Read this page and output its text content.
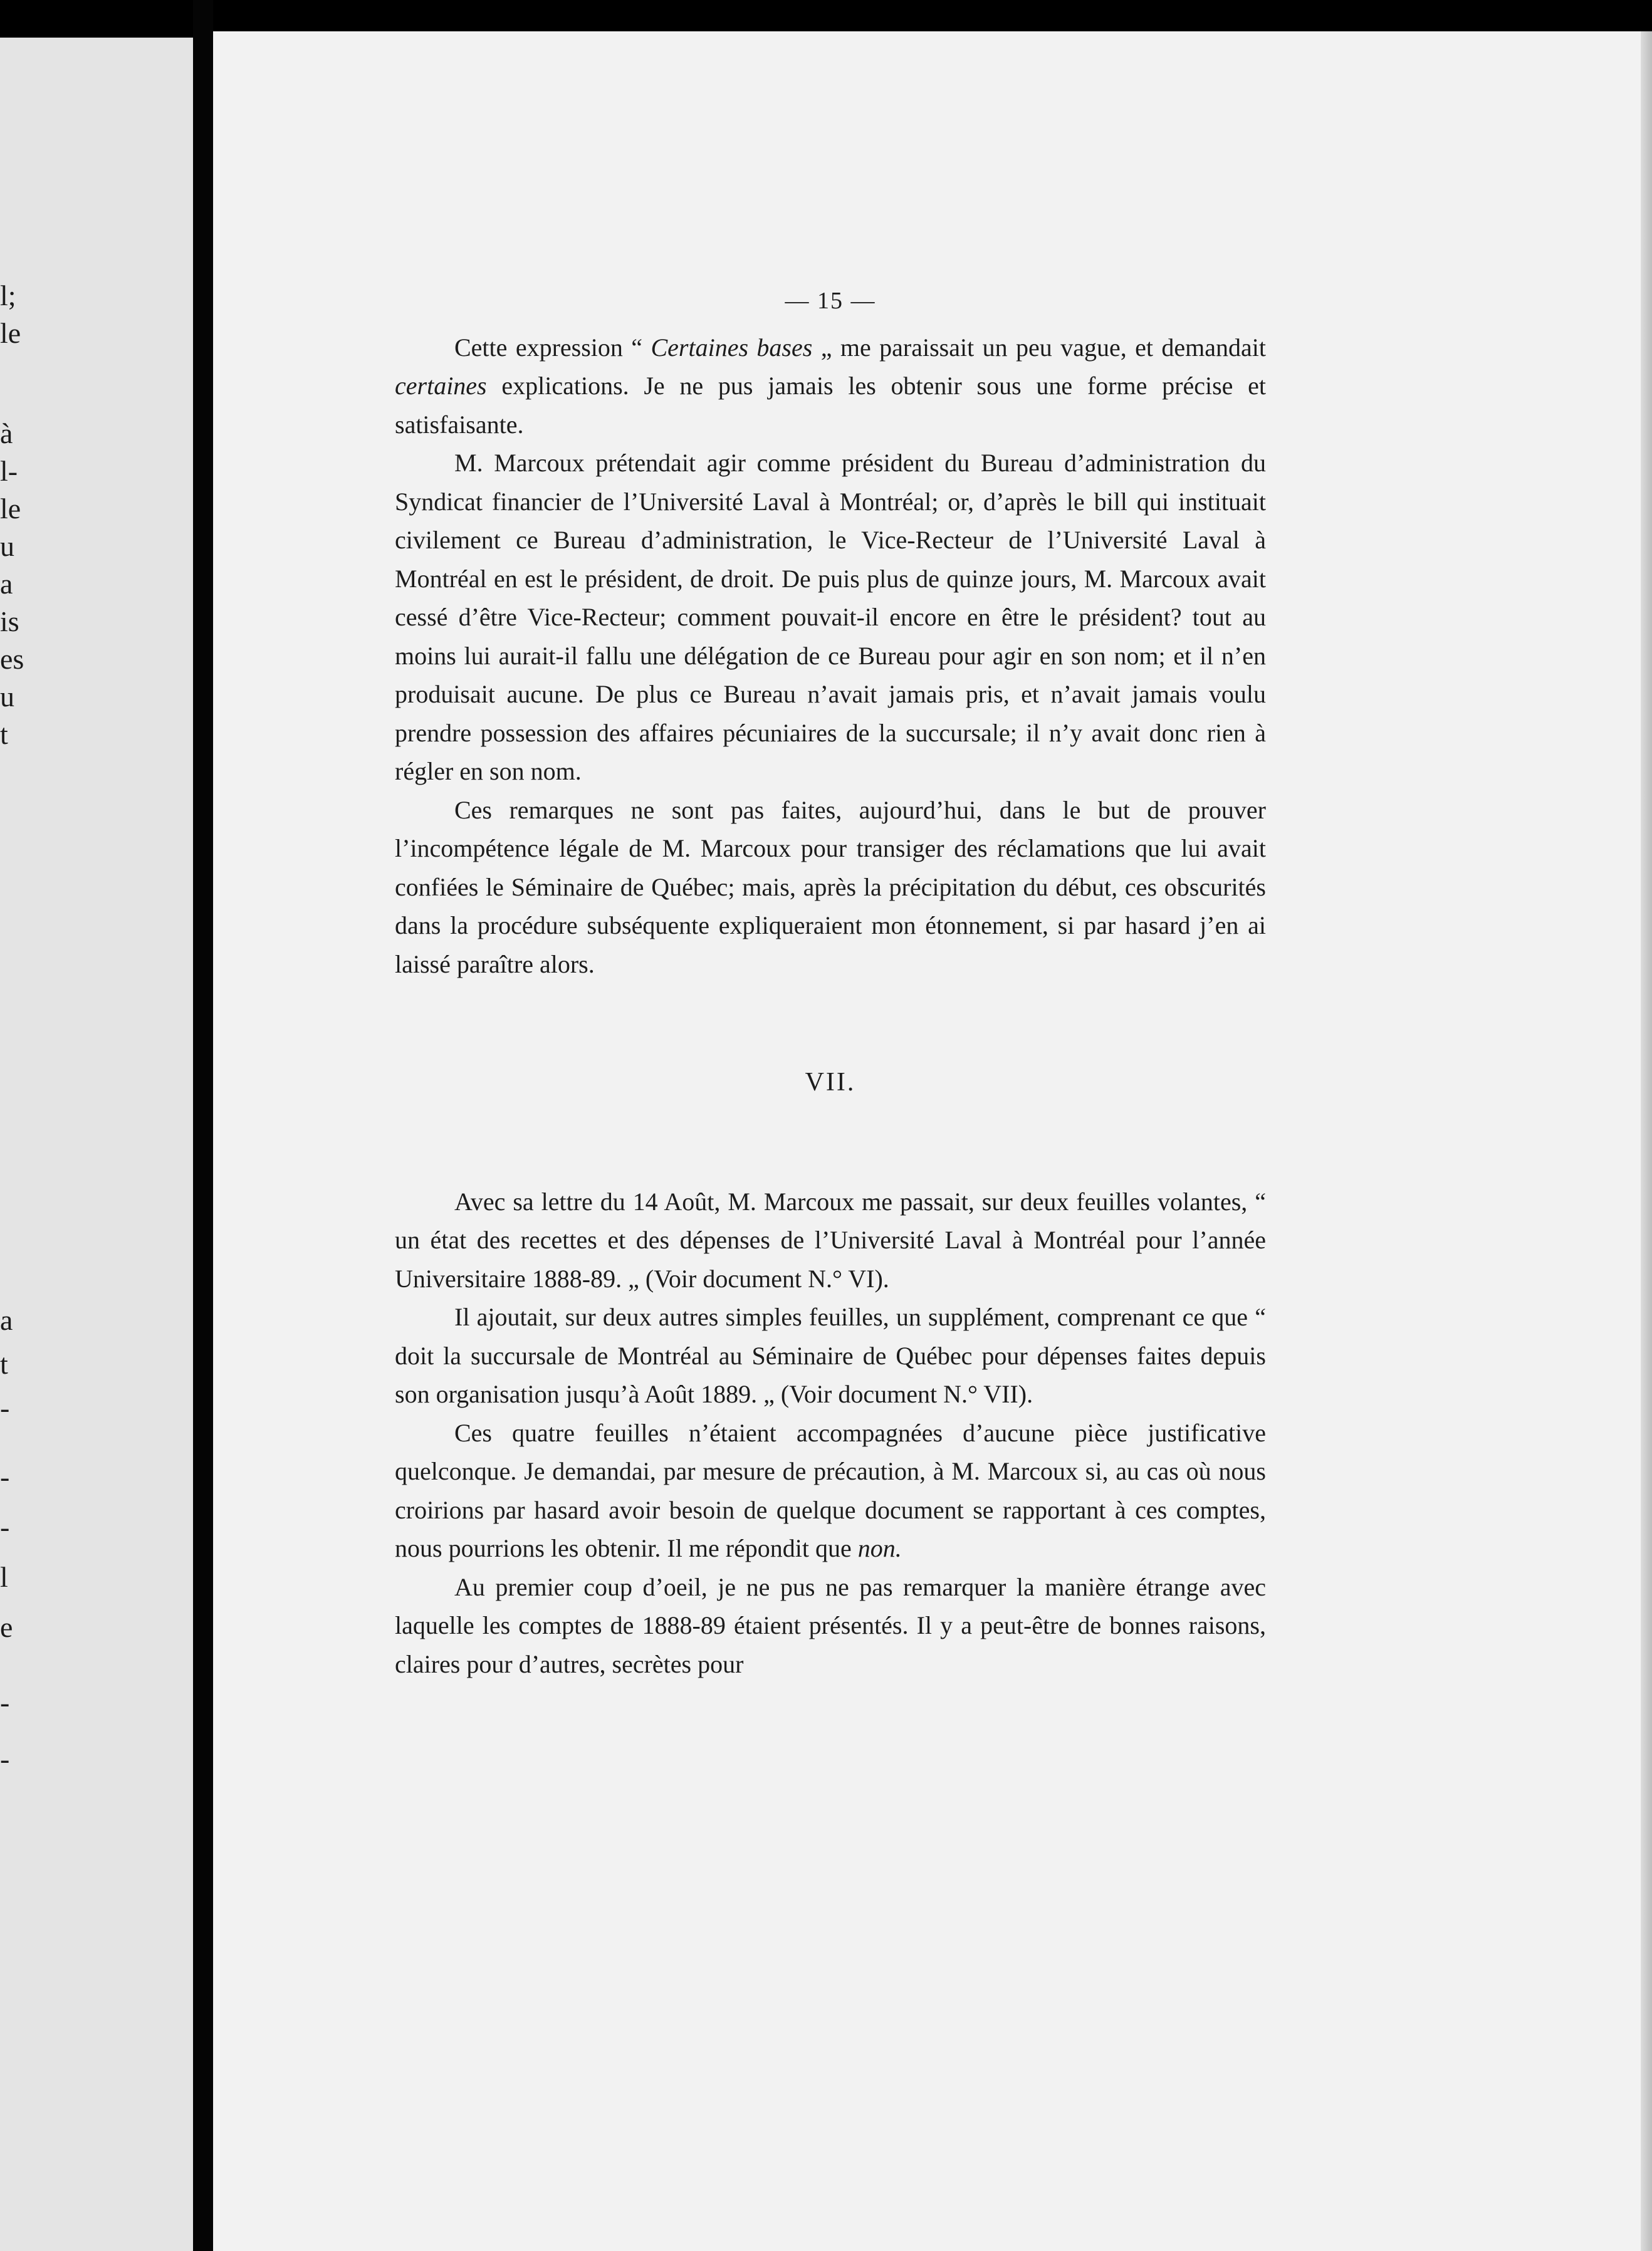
l;
le
à
l-
le
u
a
is
es
u
t
a
t
-
-
-
l
e
-
-
— 15 —

Cette expression “ Certaines bases „ me paraissait un peu vague, et demandait certaines explications. Je ne pus jamais les obtenir sous une forme précise et satisfaisante.

M. Marcoux prétendait agir comme président du Bureau d’administration du Syndicat financier de l’Université Laval à Montréal; or, d’après le bill qui instituait civilement ce Bureau d’administration, le Vice-Recteur de l’Université Laval à Montréal en est le président, de droit. De puis plus de quinze jours, M. Marcoux avait cessé d’être Vice-Recteur; comment pouvait-il encore en être le président? tout au moins lui aurait-il fallu une délégation de ce Bureau pour agir en son nom; et il n’en produisait aucune. De plus ce Bureau n’avait jamais pris, et n’avait jamais voulu prendre possession des affaires pécuniaires de la succursale; il n’y avait donc rien à régler en son nom.

Ces remarques ne sont pas faites, aujourd’hui, dans le but de prouver l’incompétence légale de M. Marcoux pour transiger des réclamations que lui avait confiées le Séminaire de Québec; mais, après la précipitation du début, ces obscurités dans la procédure subséquente expliqueraient mon étonnement, si par hasard j’en ai laissé paraître alors.

VII.

Avec sa lettre du 14 Août, M. Marcoux me passait, sur deux feuilles volantes, “ un état des recettes et des dépenses de l’Université Laval à Montréal pour l’année Universitaire 1888-89. „ (Voir document N.° VI).

Il ajoutait, sur deux autres simples feuilles, un supplément, comprenant ce que “ doit la succursale de Montréal au Séminaire de Québec pour dépenses faites depuis son organisation jusqu’à Août 1889. „ (Voir document N.° VII).

Ces quatre feuilles n’étaient accompagnées d’aucune pièce justificative quelconque. Je demandai, par mesure de précaution, à M. Marcoux si, au cas où nous croirions par hasard avoir besoin de quelque document se rapportant à ces comptes, nous pourrions les obtenir. Il me répondit que non.

Au premier coup d’oeil, je ne pus ne pas remarquer la manière étrange avec laquelle les comptes de 1888-89 étaient présentés. Il y a peut-être de bonnes raisons, claires pour d’autres, secrètes pour
